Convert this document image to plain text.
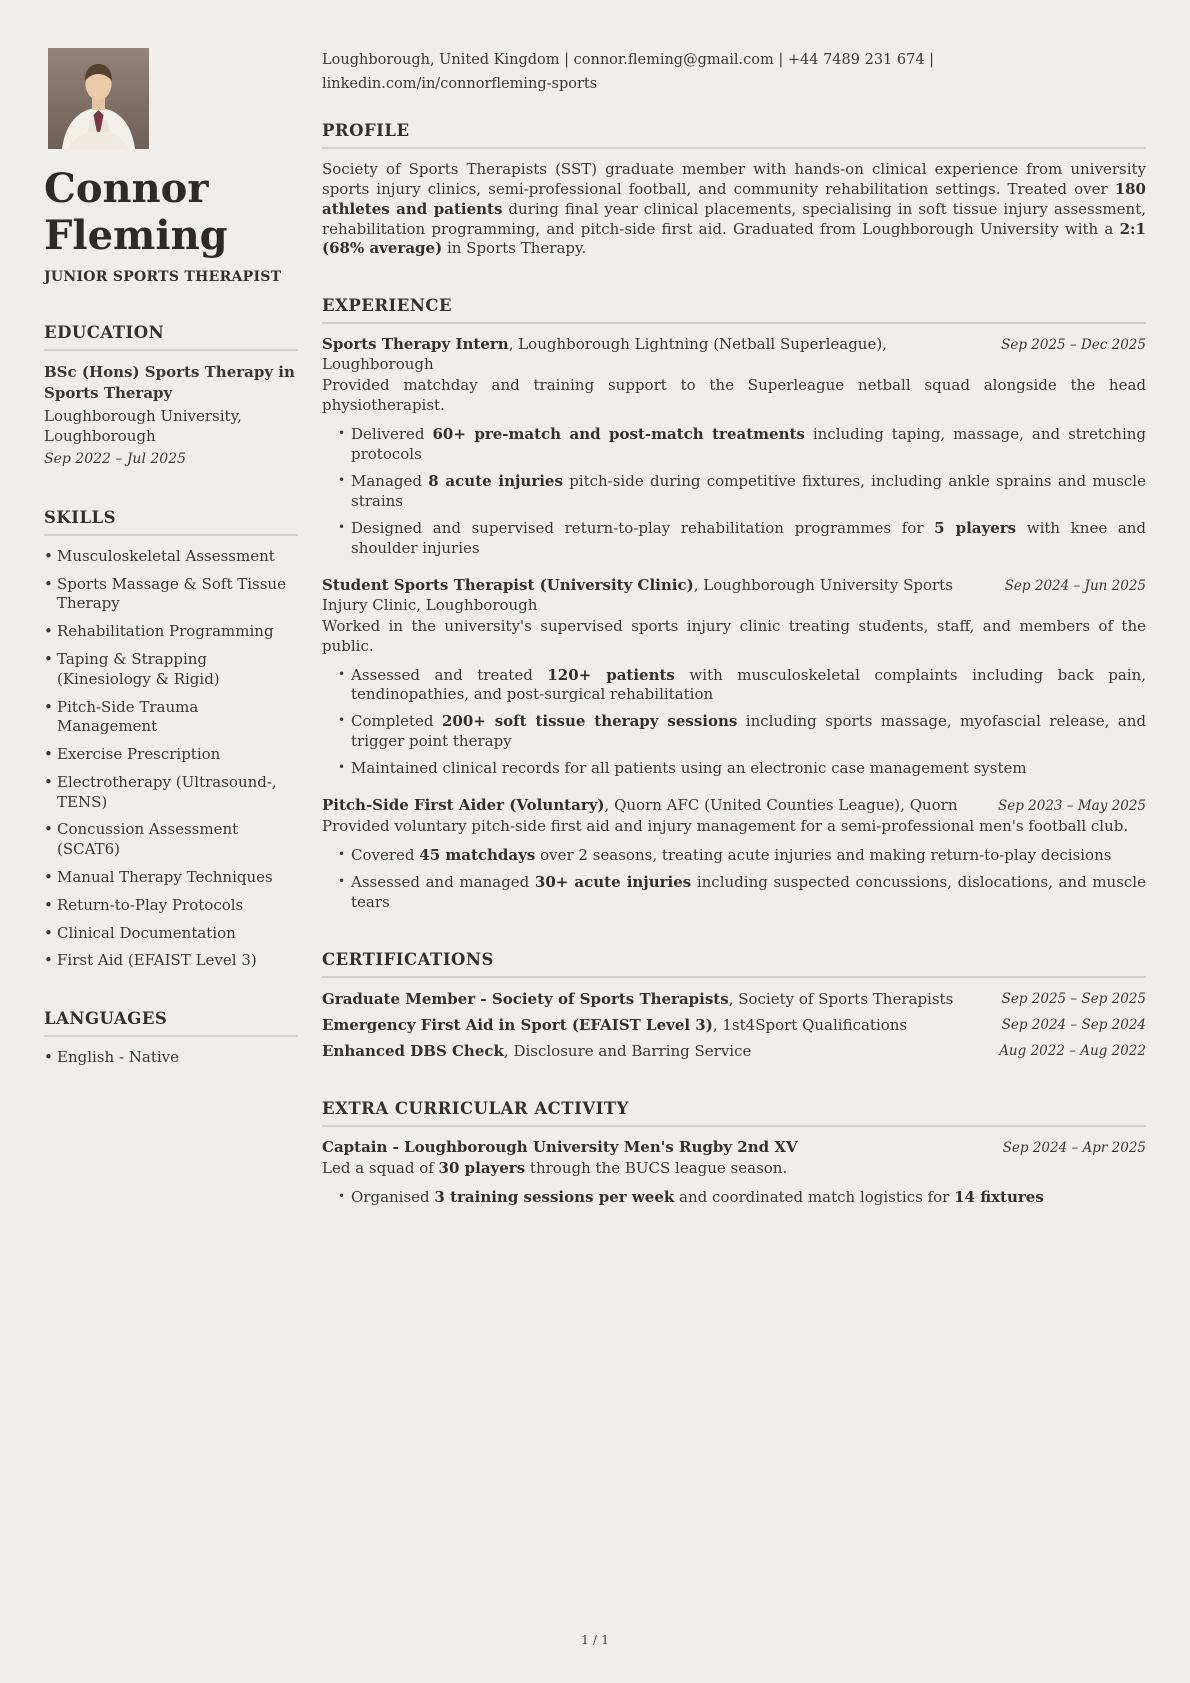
Connor Fleming
JUNIOR SPORTS THERAPIST
EDUCATION
BSc (Hons) Sports Therapy in Sports Therapy
Loughborough University, Loughborough
Sep 2022 – Jul 2025
SKILLS
• Musculoskeletal Assessment
• Sports Massage & Soft Tissue Therapy
• Rehabilitation Programming
• Taping & Strapping (Kinesiology & Rigid)
• Pitch-Side Trauma Management
• Exercise Prescription
• Electrotherapy (Ultrasound-, TENS)
• Concussion Assessment (SCAT6)
• Manual Therapy Techniques
• Return-to-Play Protocols
• Clinical Documentation
• First Aid (EFAIST Level 3)
LANGUAGES
• English - Native
Loughborough, United Kingdom | connor.fleming@gmail.com | +44 7489 231 674 | linkedin.com/in/connorfleming-sports
PROFILE

Society of Sports Therapists (SST) graduate member with hands-on clinical experience from university sports injury clinics, semi-professional football, and community rehabilitation settings. Treated over 180 athletes and patients during final year clinical placements, specialising in soft tissue injury assessment, rehabilitation programming, and pitch-side first aid. Graduated from Loughborough University with a 2:1 (68% average) in Sports Therapy.

EXPERIENCE
Sports Therapy Intern, Loughborough Lightning (Netball Superleague), Loughborough
Sep 2025 – Dec 2025
Provided matchday and training support to the Superleague netball squad alongside the head physiotherapist.
• Delivered 60+ pre-match and post-match treatments including taping, massage, and stretching protocols
• Managed 8 acute injuries pitch-side during competitive fixtures, including ankle sprains and muscle strains
• Designed and supervised return-to-play rehabilitation programmes for 5 players with knee and shoulder injuries
Student Sports Therapist (University Clinic), Loughborough University Sports Injury Clinic, Loughborough
Sep 2024 – Jun 2025
Worked in the university's supervised sports injury clinic treating students, staff, and members of the public.
• Assessed and treated 120+ patients with musculoskeletal complaints including back pain, tendinopathies, and post-surgical rehabilitation
• Completed 200+ soft tissue therapy sessions including sports massage, myofascial release, and trigger point therapy
• Maintained clinical records for all patients using an electronic case management system
Pitch-Side First Aider (Voluntary), Quorn AFC (United Counties League), Quorn	Sep 2023 – May 2025
Provided voluntary pitch-side first aid and injury management for a semi-professional men's football club.
• Covered 45 matchdays over 2 seasons, treating acute injuries and making return-to-play decisions
• Assessed and managed 30+ acute injuries including suspected concussions, dislocations, and muscle tears
CERTIFICATIONS
Graduate Member - Society of Sports Therapists, Society of Sports Therapists	Sep 2025 – Sep 2025
Emergency First Aid in Sport (EFAIST Level 3), 1st4Sport Qualifications	Sep 2024 – Sep 2024
Enhanced DBS Check, Disclosure and Barring Service	Aug 2022 – Aug 2022
EXTRA CURRICULAR ACTIVITY
Captain - Loughborough University Men's Rugby 2nd XV	Sep 2024 – Apr 2025
Led a squad of 30 players through the BUCS league season.
• Organised 3 training sessions per week and coordinated match logistics for 14 fixtures
1 / 1
